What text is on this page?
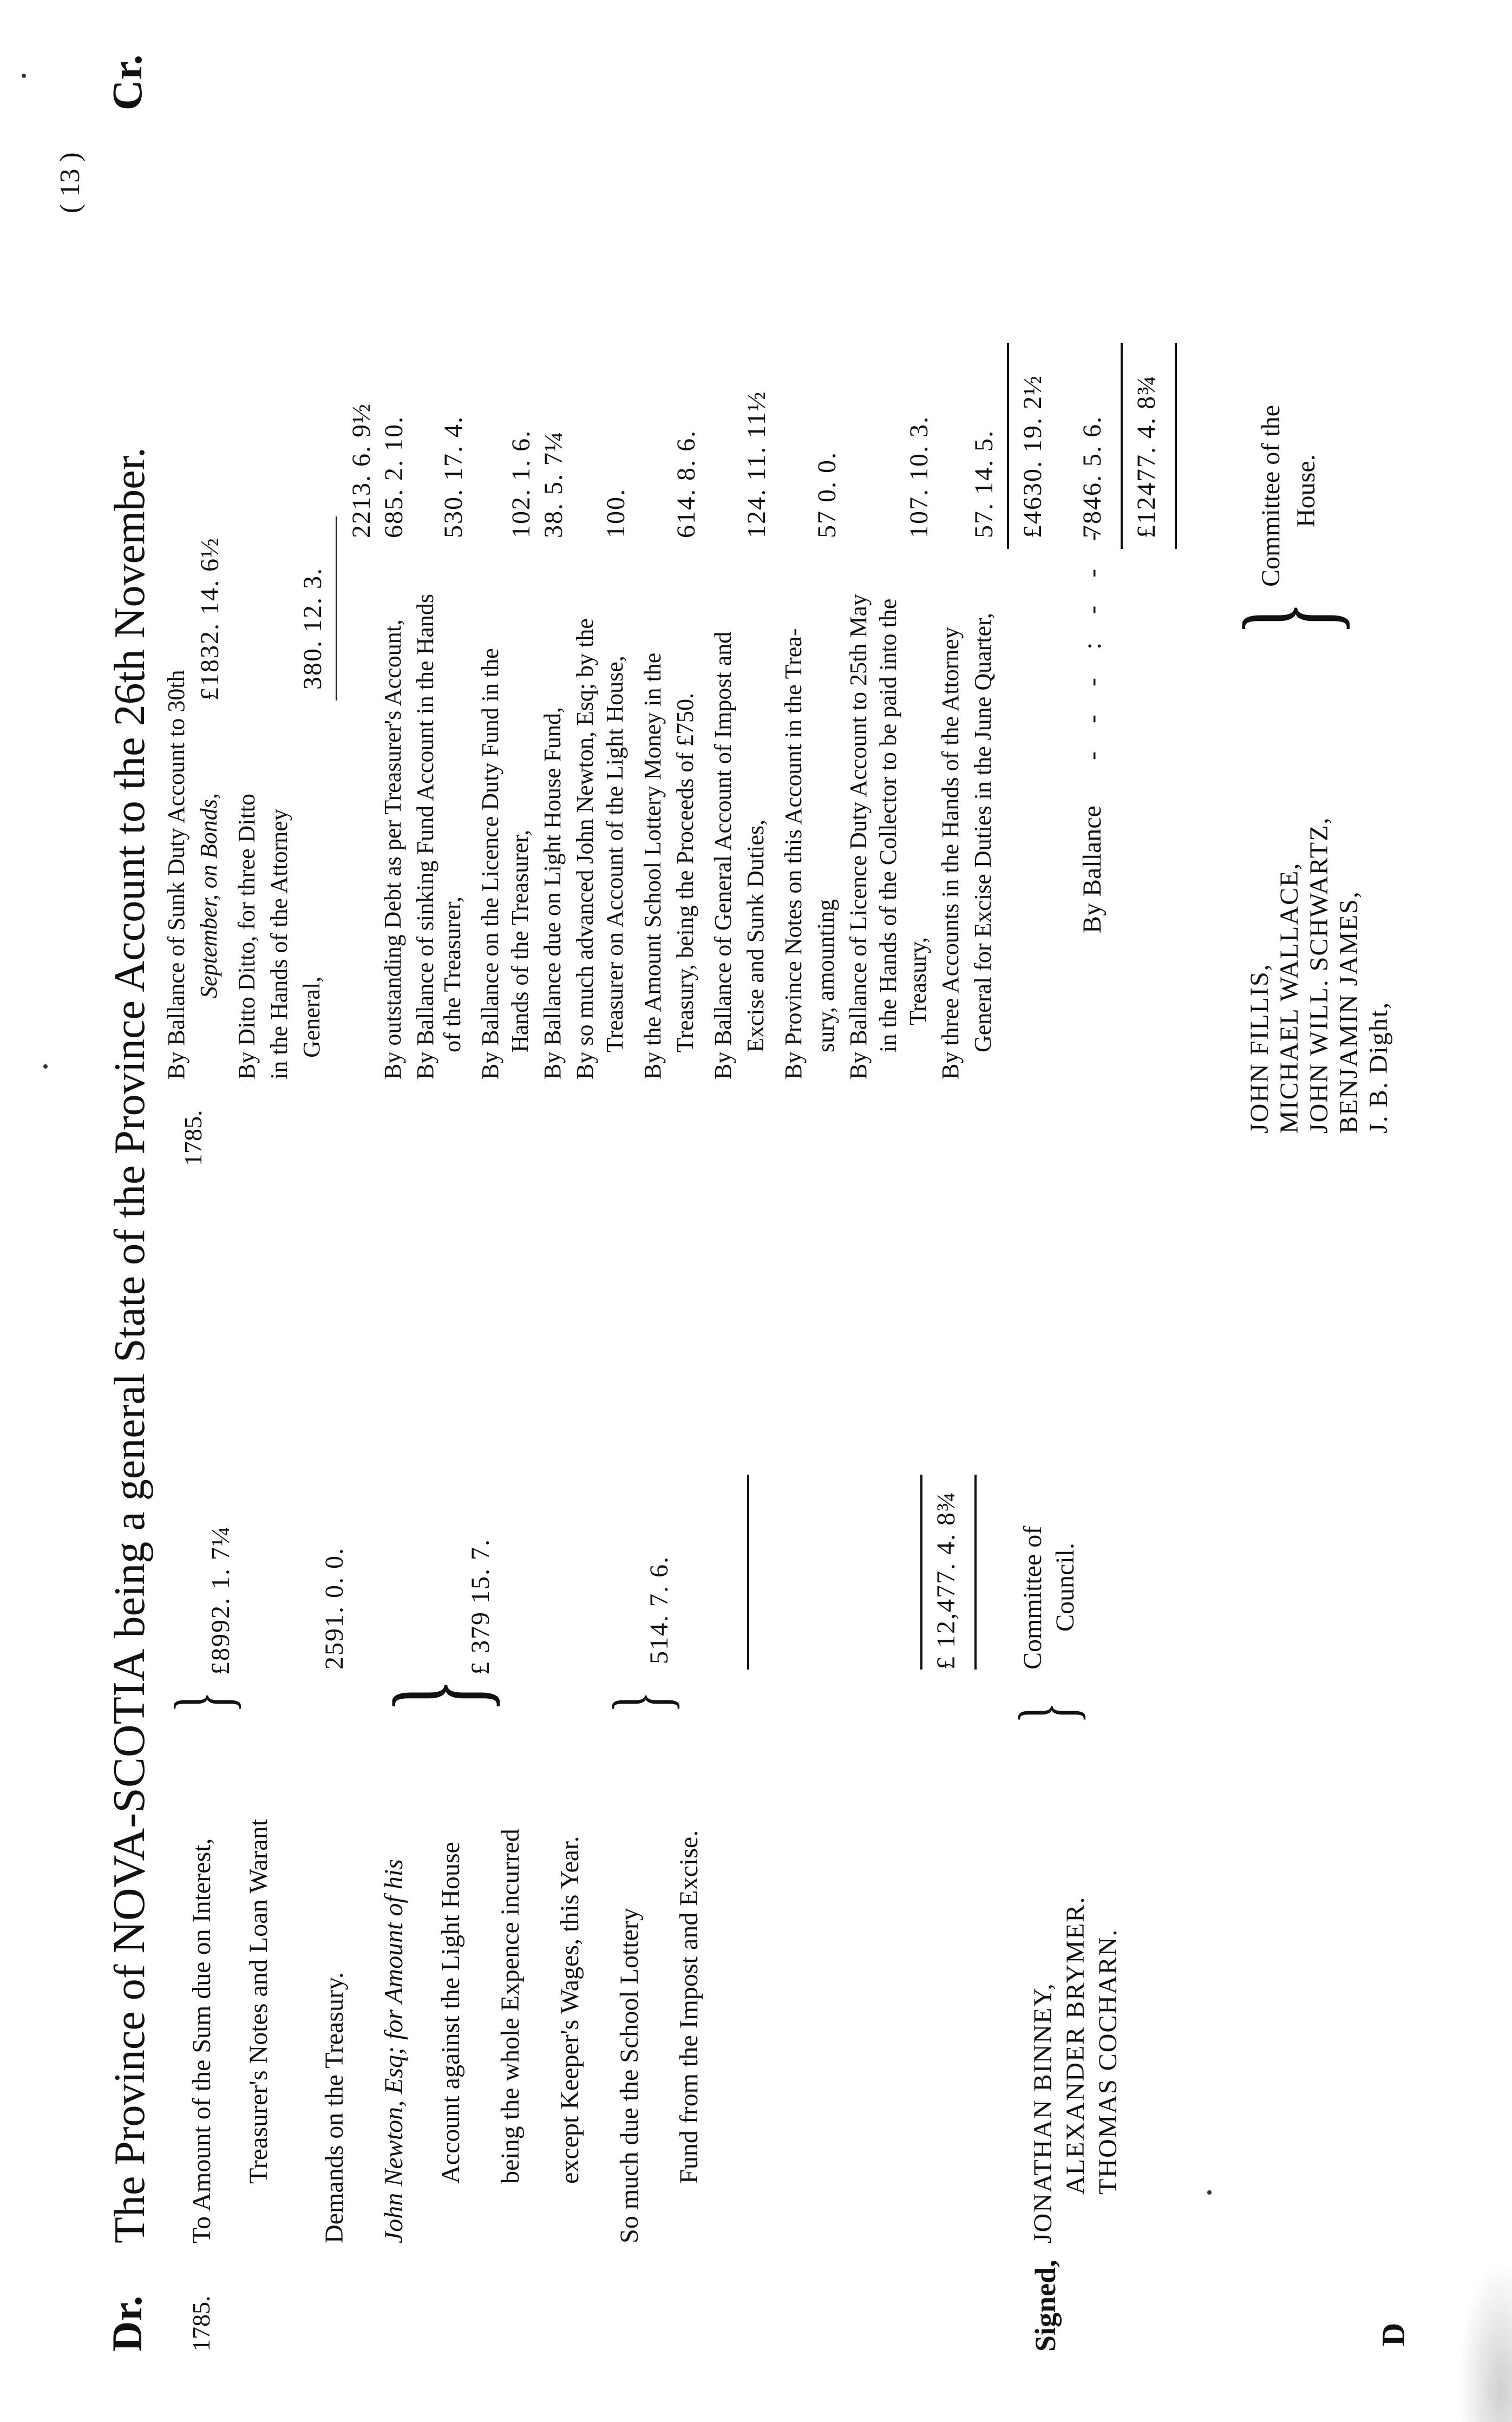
Dr.
The Province of NOVA-SCOTIA being a general State of the Province Account to the 26th November.
Cr.
( 13 )
1785.
To Amount of the Sum due on Interest, Treasurer's Notes and Loan Warant
}
£8992. 1. 7¼
Demands on the Treasury.
2591. 0. 0.
John Newton, Esq; for Amount of his Account against the Light House being the whole Expence incurred except Keeper's Wages, this Year.
}
£ 379 15. 7.
So much due the School Lottery Fund from the Impost and Excise.
}
514. 7. 6.	£ 12,477. 4. 8¾
1785.
By Ballance of Sunk Duty Account to 30th September, on Bonds,
£1832. 14. 6½
By Ditto Ditto, for three Ditto in the Hands of the Attorney General,
380. 12. 3.
2213. 6. 9½
By outstanding Debt as per Treasurer's Account,
685. 2. 10.
By Ballance of sinking Fund Account in the Hands of the Treasurer,
530. 17. 4.
By Ballance on the Licence Duty Fund in the Hands of the Treasurer,
102. 1. 6.
By Ballance due on Light House Fund,
38. 5. 7¼
By so much advanced John Newton, Esq; by the Treasurer on Account of the Light House,
100.
By the Amount School Lottery Money in the Treasury, being the Proceeds of £750.
614. 8. 6.
By Ballance of General Account of Impost and Excise and Sunk Duties,
124. 11. 11½
By Province Notes on this Account in the Trea- sury, amounting
57 0. 0.
By Ballance of Licence Duty Account to 25th May in the Hands of the Collector to be paid into the Treasury,
107. 10. 3.
By three Accounts in the Hands of the Attorney General for Excise Duties in the June Quarter,
57. 14. 5. £4630. 19. 2½
By Ballance
- - - : - - -
7846. 5. 6. £12477. 4. 8¾
Signed,
JONATHAN BINNEY, ALEXANDER BRYMER. THOMAS COCHARN.
}
Committee of Council.
JOHN FILLIS, MICHAEL WALLACE, JOHN WILL. SCHWARTZ, BENJAMIN JAMES, J. B. Dight,
}
Committee of the House.
D
